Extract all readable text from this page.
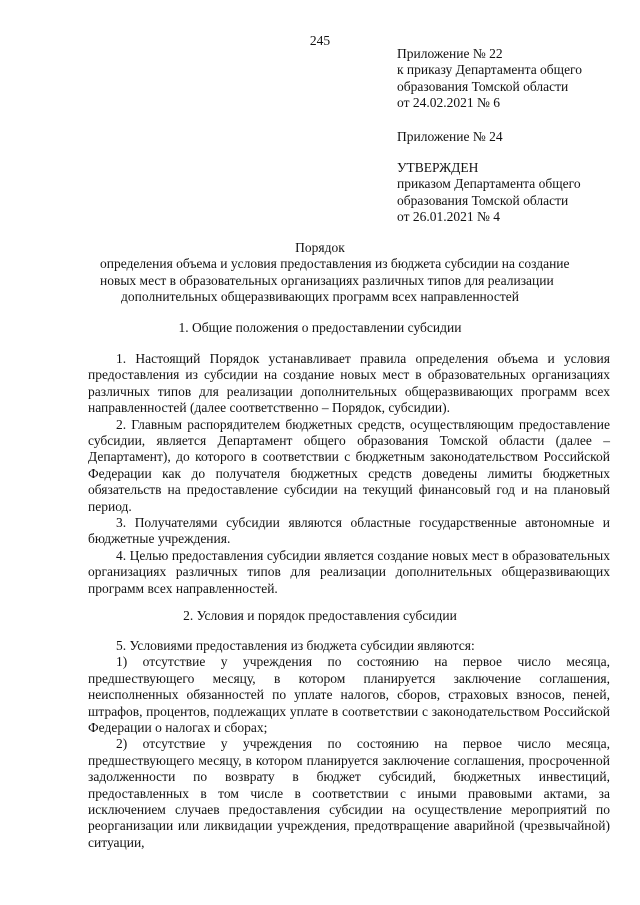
245
Приложение № 22
к приказу Департамента общего
образования Томской области
от 24.02.2021 № 6
Приложение № 24
УТВЕРЖДЕН
приказом Департамента общего
образования Томской области
от 26.01.2021 № 4
Порядок
определения объема и условия предоставления из бюджета субсидии на создание
новых мест в образовательных организациях различных типов для реализации
дополнительных общеразвивающих программ всех направленностей
1. Общие положения о предоставлении субсидии

1. Настоящий Порядок устанавливает правила определения объема и условия предоставления из субсидии на создание новых мест в образовательных организациях различных типов для реализации дополнительных общеразвивающих программ всех направленностей (далее соответственно – Порядок, субсидии).

2. Главным распорядителем бюджетных средств, осуществляющим предоставление субсидии, является Департамент общего образования Томской области (далее – Департамент), до которого в соответствии с бюджетным законодательством Российской Федерации как до получателя бюджетных средств доведены лимиты бюджетных обязательств на предоставление субсидии на текущий финансовый год и на плановый период.

3. Получателями субсидии являются областные государственные автономные и бюджетные учреждения.

4. Целью предоставления субсидии является создание новых мест в образовательных организациях различных типов для реализации дополнительных общеразвивающих программ всех направленностей.

2. Условия и порядок предоставления субсидии

5. Условиями предоставления из бюджета субсидии являются:

1) отсутствие у учреждения по состоянию на первое число месяца, предшествующего месяцу, в котором планируется заключение соглашения, неисполненных обязанностей по уплате налогов, сборов, страховых взносов, пеней, штрафов, процентов, подлежащих уплате в соответствии с законодательством Российской Федерации о налогах и сборах;

2) отсутствие у учреждения по состоянию на первое число месяца, предшествующего месяцу, в котором планируется заключение соглашения, просроченной задолженности по возврату в бюджет субсидий, бюджетных инвестиций, предоставленных в том числе в соответствии с иными правовыми актами, за исключением случаев предоставления субсидии на осуществление мероприятий по реорганизации или ликвидации учреждения, предотвращение аварийной (чрезвычайной) ситуации,
